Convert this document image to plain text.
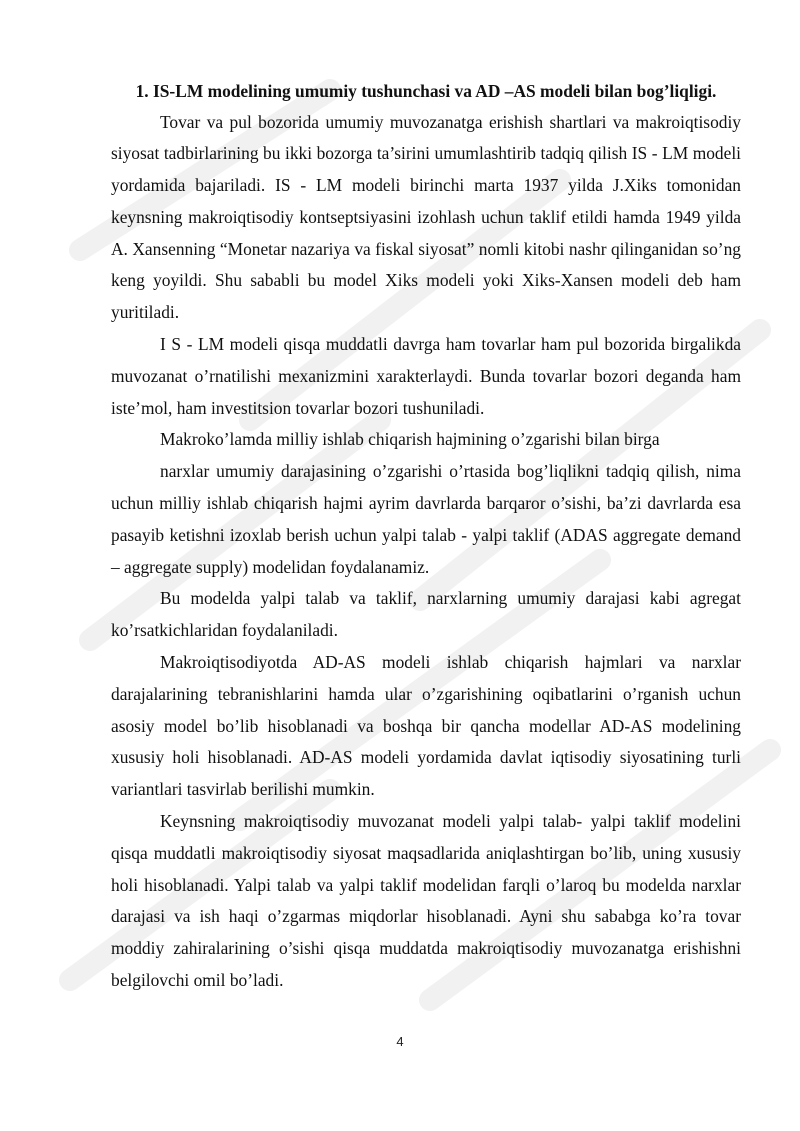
1. IS-LM modelining umumiy tushunchasi va AD –AS modeli bilan bog’liqligi.

Tovar va pul bozorida umumiy muvozanatga erishish shartlari va makroiqtisodiy siyosat tadbirlarining bu ikki bozorga ta’sirini umumlashtirib tadqiq qilish IS - LM modeli yordamida bajariladi. IS - LM modeli birinchi marta 1937 yilda J.Xiks tomonidan keynsning makroiqtisodiy kontseptsiyasini izohlash uchun taklif etildi hamda 1949 yilda A. Xansenning “Monetar nazariya va fiskal siyosat” nomli kitobi nashr qilinganidan so’ng keng yoyildi. Shu sababli bu model Xiks modeli yoki Xiks-Xansen modeli deb ham yuritiladi.

I S - LM modeli qisqa muddatli davrga ham tovarlar ham pul bozorida birgalikda muvozanat o’rnatilishi mexanizmini xarakterlaydi. Bunda tovarlar bozori deganda ham iste’mol, ham investitsion tovarlar bozori tushuniladi.

Makroko’lamda milliy ishlab chiqarish hajmining o’zgarishi bilan birga

narxlar umumiy darajasining o’zgarishi o’rtasida bog’liqlikni tadqiq qilish, nima uchun milliy ishlab chiqarish hajmi ayrim davrlarda barqaror o’sishi, ba’zi davrlarda esa pasayib ketishni izoxlab berish uchun yalpi talab - yalpi taklif (ADAS aggregate demand – aggregate supply) modelidan foydalanamiz.

Bu modelda yalpi talab va taklif, narxlarning umumiy darajasi kabi agregat ko’rsatkichlaridan foydalaniladi.

Makroiqtisodiyotda AD-AS modeli ishlab chiqarish hajmlari va narxlar darajalarining tebranishlarini hamda ular o’zgarishining oqibatlarini o’rganish uchun asosiy model bo’lib hisoblanadi va boshqa bir qancha modellar AD-AS modelining xususiy holi hisoblanadi. AD-AS modeli yordamida davlat iqtisodiy siyosatining turli variantlari tasvirlab berilishi mumkin.

Keynsning makroiqtisodiy muvozanat modeli yalpi talab- yalpi taklif modelini qisqa muddatli makroiqtisodiy siyosat maqsadlarida aniqlashtirgan bo’lib, uning xususiy holi hisoblanadi. Yalpi talab va yalpi taklif modelidan farqli o’laroq bu modelda narxlar darajasi va ish haqi o’zgarmas miqdorlar hisoblanadi. Ayni shu sababga ko’ra tovar moddiy zahiralarining o’sishi qisqa muddatda makroiqtisodiy muvozanatga erishishni belgilovchi omil bo’ladi.

4
